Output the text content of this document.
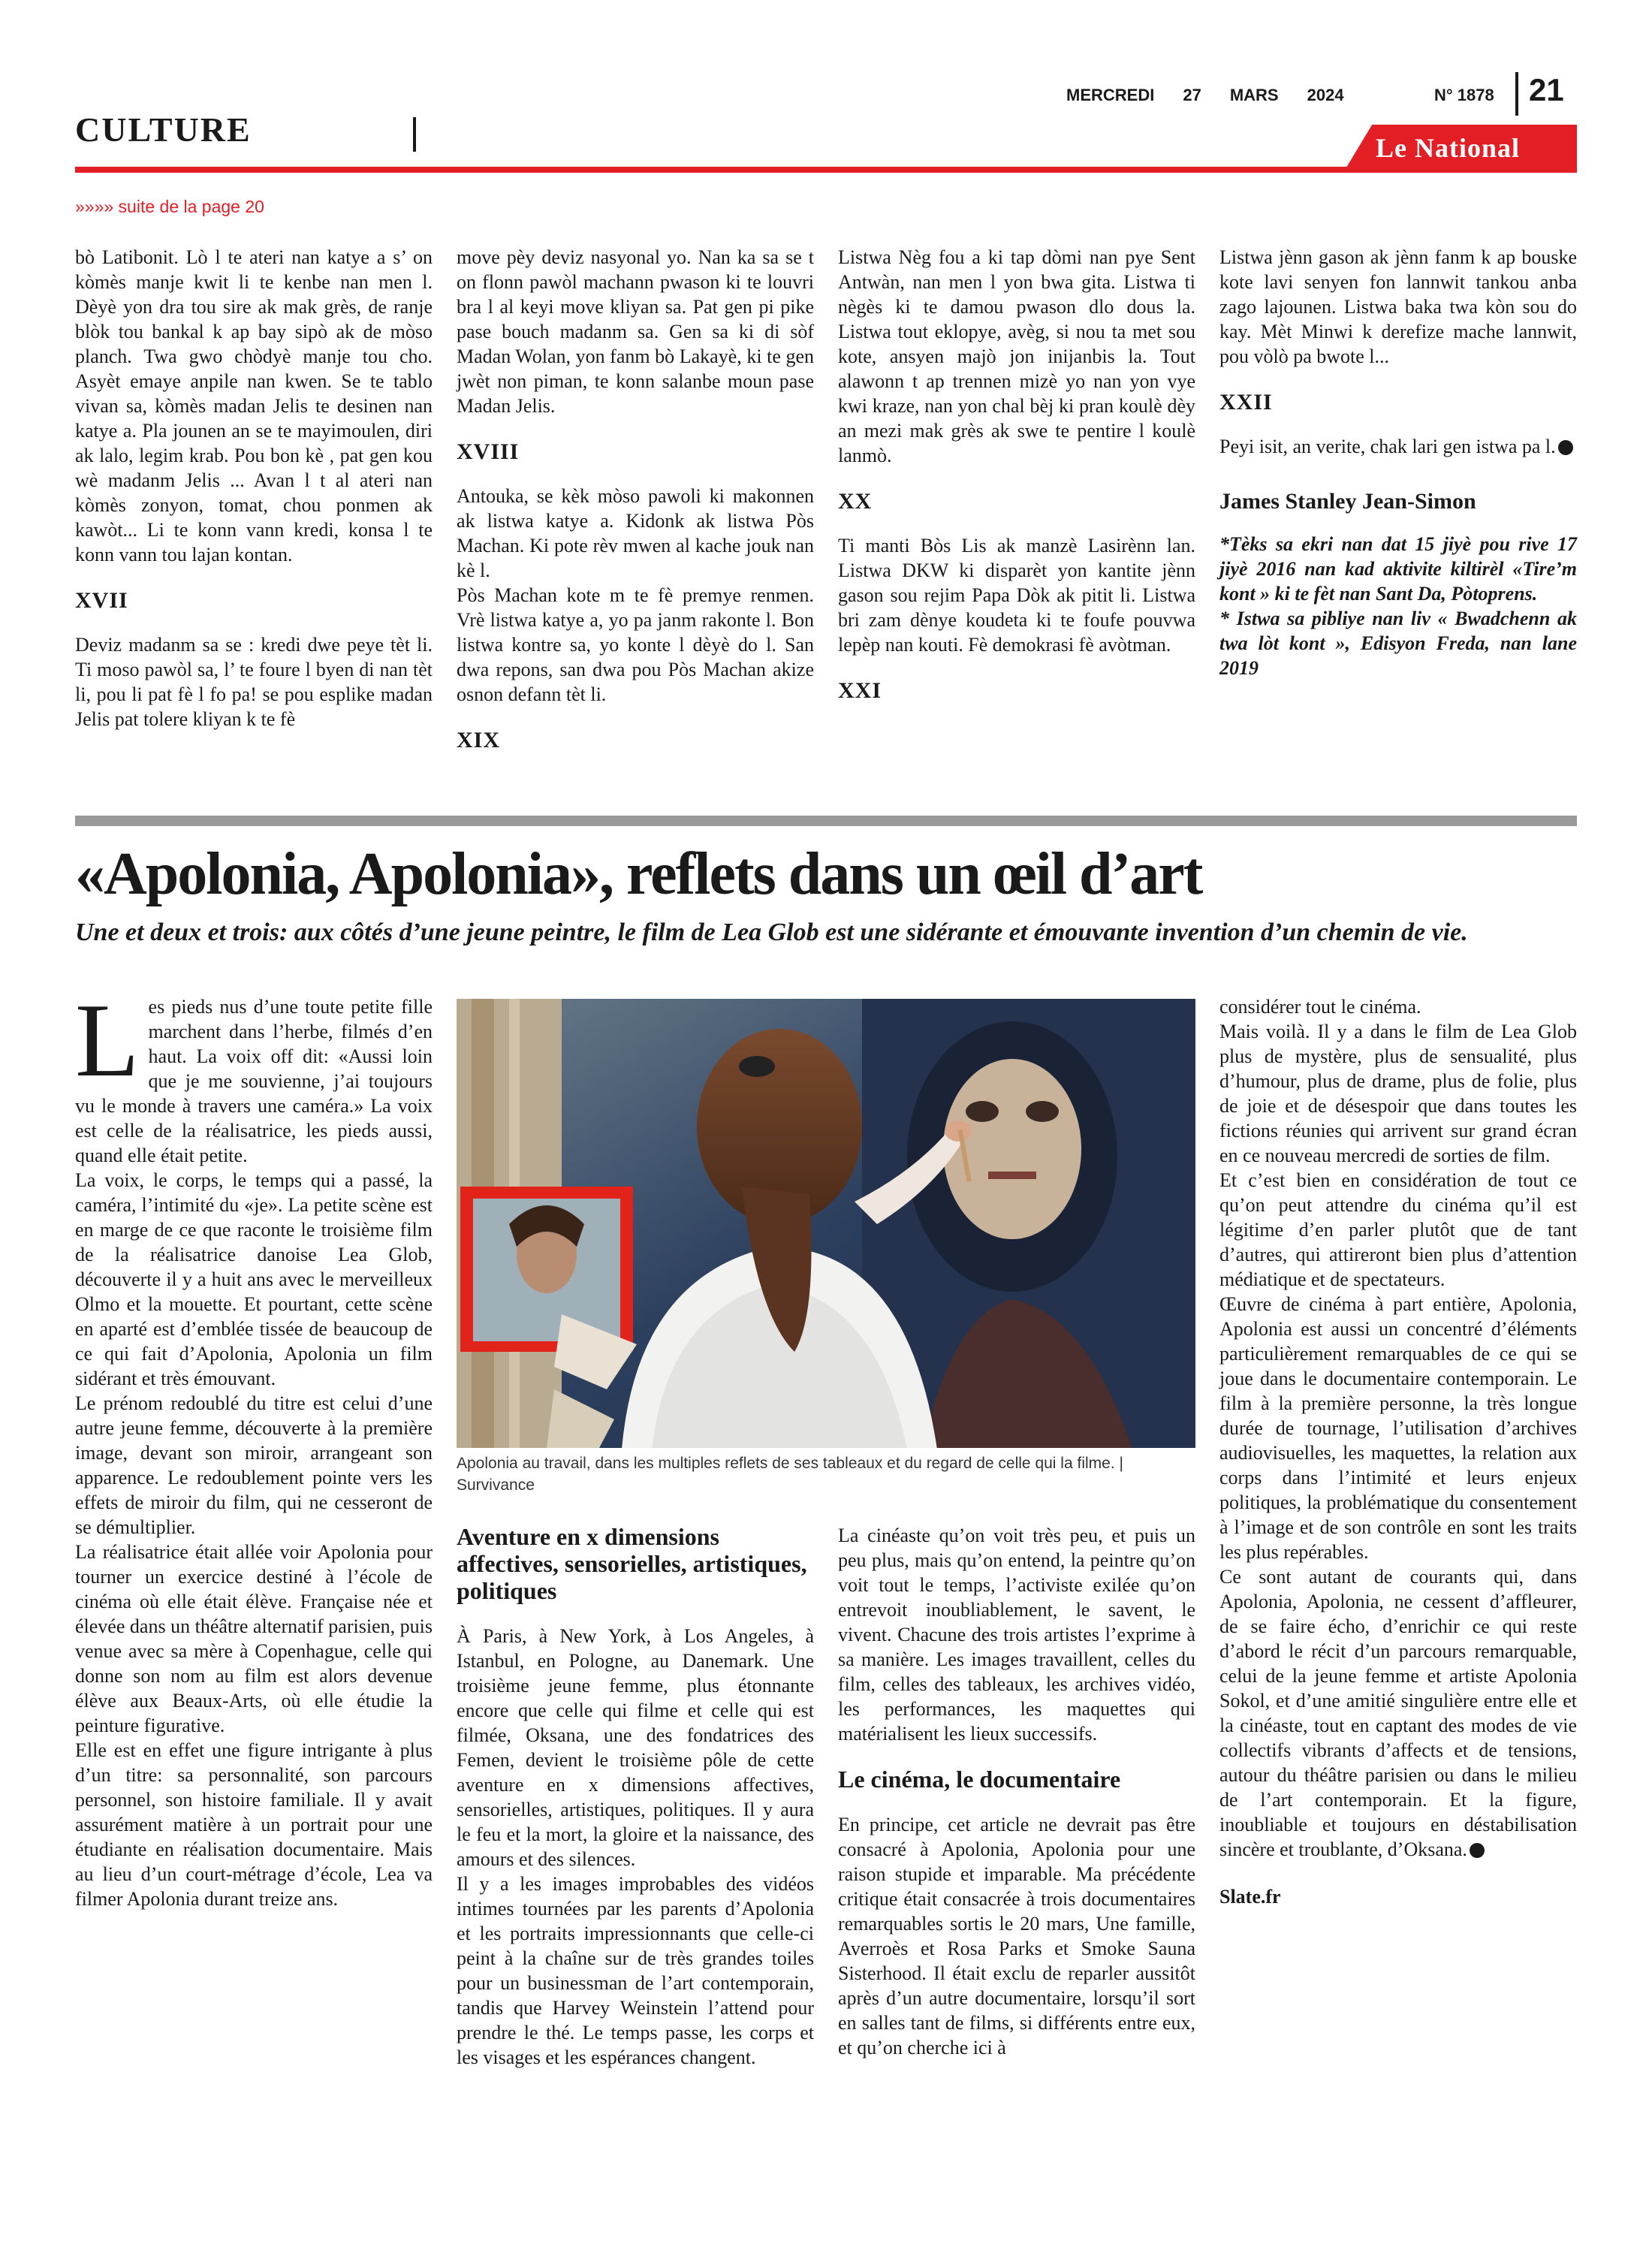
CULTURE
MERCREDI 27 MARS 2024	N° 1878 21
Le National
»»»» suite de la page 20

bò Latibonit. Lò l te ateri nan katye a s’ on kòmès manje kwit li te kenbe nan men l. Dèyè yon dra tou sire ak mak grès, de ranje blòk tou bankal k ap bay sipò ak de mòso planch. Twa gwo chòdyè manje tou cho. Asyèt emaye anpile nan kwen. Se te tablo vivan sa, kòmès madan Jelis te desinen nan katye a. Pla jounen an se te mayimoulen, diri ak lalo, legim krab. Pou bon kè , pat gen kou wè madanm Jelis ... Avan l t al ateri nan kòmès zonyon, tomat, chou ponmen ak kawòt... Li te konn vann kredi, konsa l te konn vann tou lajan kontan.

XVII

Deviz madanm sa se : kredi dwe peye tèt li. Ti moso pawòl sa, l’ te foure l byen di nan tèt li, pou li pat fè l fo pa! se pou esplike madan Jelis pat tolere kliyan k te fè

move pèy deviz nasyonal yo. Nan ka sa se t on flonn pawòl machann pwason ki te louvri bra l al keyi move kliyan sa. Pat gen pi pike pase bouch madanm sa. Gen sa ki di sòf Madan Wolan, yon fanm bò Lakayè, ki te gen jwèt non piman, te konn salanbe moun pase Madan Jelis.

XVIII

Antouka, se kèk mòso pawoli ki makonnen ak listwa katye a. Kidonk ak listwa Pòs Machan. Ki pote rèv mwen al kache jouk nan kè l.

Pòs Machan kote m te fè premye renmen. Vrè listwa katye a, yo pa janm rakonte l. Bon listwa kontre sa, yo konte l dèyè do l. San dwa repons, san dwa pou Pòs Machan akize osnon defann tèt li.

XIX

Listwa Nèg fou a ki tap dòmi nan pye Sent Antwàn, nan men l yon bwa gita. Listwa ti nègès ki te damou pwason dlo dous la. Listwa tout eklopye, avèg, si nou ta met sou kote, ansyen majò jon inijanbis la. Tout alawonn t ap trennen mizè yo nan yon vye kwi kraze, nan yon chal bèj ki pran koulè dèy an mezi mak grès ak swe te pentire l koulè lanmò.

XX

Ti manti Bòs Lis ak manzè Lasirènn lan. Listwa DKW ki disparèt yon kantite jènn gason sou rejim Papa Dòk ak pitit li. Listwa bri zam dènye koudeta ki te foufe pouvwa lepèp nan kouti. Fè demokrasi fè avòtman.

XXI

Listwa jènn gason ak jènn fanm k ap bouske kote lavi senyen fon lannwit tankou anba zago lajounen. Listwa baka twa kòn sou do kay. Mèt Minwi k derefize mache lannwit, pou vòlò pa bwote l...

XXII

Peyi isit, an verite, chak lari gen istwa pa l.

James Stanley Jean-Simon

*Tèks sa ekri nan dat 15 jiyè pou rive 17 jiyè 2016 nan kad aktivite kiltirèl «Tire’m kont » ki te fèt nan Sant Da, Pòtoprens.

* Istwa sa pibliye nan liv « Bwadchenn ak twa lòt kont », Edisyon Freda, nan lane 2019

«Apolonia, Apolonia», reflets dans un œil d’art
Une et deux et trois: aux côtés d’une jeune peintre, le film de Lea Glob est une sidérante et émouvante invention d’un chemin de vie.
L es pieds nus d’une toute petite fille marchent dans l’herbe, filmés d’en haut. La voix off dit: «Aussi loin que je me souvienne, j’ai toujours vu le monde à travers une caméra.» La voix est celle de la réalisatrice, les pieds aussi, quand elle était petite.

La voix, le corps, le temps qui a passé, la caméra, l’intimité du «je». La petite scène est en marge de ce que raconte le troisième film de la réalisatrice danoise Lea Glob, découverte il y a huit ans avec le merveilleux Olmo et la mouette. Et pourtant, cette scène en aparté est d’emblée tissée de beaucoup de ce qui fait d’Apolonia, Apolonia un film sidérant et très émouvant.

Le prénom redoublé du titre est celui d’une autre jeune femme, découverte à la première image, devant son miroir, arrangeant son apparence. Le redoublement pointe vers les effets de miroir du film, qui ne cesseront de se démultiplier.

La réalisatrice était allée voir Apolonia pour tourner un exercice destiné à l’école de cinéma où elle était élève. Française née et élevée dans un théâtre alternatif parisien, puis venue avec sa mère à Copenhague, celle qui donne son nom au film est alors devenue élève aux Beaux-Arts, où elle étudie la peinture figurative.

Elle est en effet une figure intrigante à plus d’un titre: sa personnalité, son parcours personnel, son histoire familiale. Il y avait assurément matière à un portrait pour une étudiante en réalisation documentaire. Mais au lieu d’un court-métrage d’école, Lea va filmer Apolonia durant treize ans.

Apolonia au travail, dans les multiples reflets de ses tableaux et du regard de celle qui la filme. | Survivance
Aventure en x dimensions affectives, sensorielles, artistiques, politiques

À Paris, à New York, à Los Angeles, à Istanbul, en Pologne, au Danemark. Une troisième jeune femme, plus étonnante encore que celle qui filme et celle qui est filmée, Oksana, une des fondatrices des Femen, devient le troisième pôle de cette aventure en x dimensions affectives, sensorielles, artistiques, politiques. Il y aura le feu et la mort, la gloire et la naissance, des amours et des silences.

Il y a les images improbables des vidéos intimes tournées par les parents d’Apolonia et les portraits impressionnants que celle-ci peint à la chaîne sur de très grandes toiles pour un businessman de l’art contemporain, tandis que Harvey Weinstein l’attend pour prendre le thé. Le temps passe, les corps et les visages et les espérances changent.

La cinéaste qu’on voit très peu, et puis un peu plus, mais qu’on entend, la peintre qu’on voit tout le temps, l’activiste exilée qu’on entrevoit inoubliablement, le savent, le vivent. Chacune des trois artistes l’exprime à sa manière. Les images travaillent, celles du film, celles des tableaux, les archives vidéo, les performances, les maquettes qui matérialisent les lieux successifs.

Le cinéma, le documentaire

En principe, cet article ne devrait pas être consacré à Apolonia, Apolonia pour une raison stupide et imparable. Ma précédente critique était consacrée à trois documentaires remarquables sortis le 20 mars, Une famille, Averroès et Rosa Parks et Smoke Sauna Sisterhood. Il était exclu de reparler aussitôt après d’un autre documentaire, lorsqu’il sort en salles tant de films, si différents entre eux, et qu’on cherche ici à

considérer tout le cinéma.

Mais voilà. Il y a dans le film de Lea Glob plus de mystère, plus de sensualité, plus d’humour, plus de drame, plus de folie, plus de joie et de désespoir que dans toutes les fictions réunies qui arrivent sur grand écran en ce nouveau mercredi de sorties de film.

Et c’est bien en considération de tout ce qu’on peut attendre du cinéma qu’il est légitime d’en parler plutôt que de tant d’autres, qui attireront bien plus d’attention médiatique et de spectateurs.

Œuvre de cinéma à part entière, Apolonia, Apolonia est aussi un concentré d’éléments particulièrement remarquables de ce qui se joue dans le documentaire contemporain. Le film à la première personne, la très longue durée de tournage, l’utilisation d’archives audiovisuelles, les maquettes, la relation aux corps dans l’intimité et leurs enjeux politiques, la problématique du consentement à l’image et de son contrôle en sont les traits les plus repérables.

Ce sont autant de courants qui, dans Apolonia, Apolonia, ne cessent d’affleurer, de se faire écho, d’enrichir ce qui reste d’abord le récit d’un parcours remarquable, celui de la jeune femme et artiste Apolonia Sokol, et d’une amitié singulière entre elle et la cinéaste, tout en captant des modes de vie collectifs vibrants d’affects et de tensions, autour du théâtre parisien ou dans le milieu de l’art contemporain. Et la figure, inoubliable et toujours en déstabilisation sincère et troublante, d’Oksana.

Slate.fr
